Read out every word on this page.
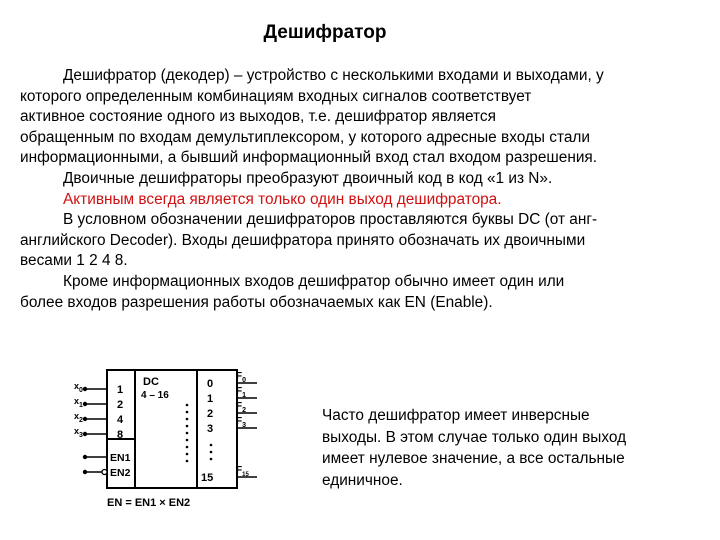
Дешифратор
Дешифратор (декодер) – устройство с несколькими входами и выходами, у
которого определенным комбинациям входных сигналов соответствует
активное состояние одного из выходов, т.е. дешифратор является
обращенным по входам демультиплексором, у которого адресные входы стали
информационными, а бывший информационный вход стал входом разрешения.
Двоичные дешифраторы преобразуют двоичный код в код «1 из N».
Активным всегда является только один выход дешифратора.
В условном обозначении дешифраторов проставляются буквы DC (от анг-
английского Decoder). Входы дешифратора принято обозначать их двоичными
весами 1 2 4 8.
Кроме информационных входов дешифратор обычно имеет один или
более входов разрешения работы обозначаемых как EN (Enable).
DC
4 – 16
$x_0$
$x_1$
$x_2$
$x_3$
1
2
4
8
EN1
EN2
0
1
2
3
15
$F_0$
$F_1$
$F_2$
$F_3$
$F_{15}$
EN = EN1 × EN2
Часто дешифратор имеет инверсные
выходы. В этом случае только один выход
имеет нулевое значение, а все остальные
единичное.
